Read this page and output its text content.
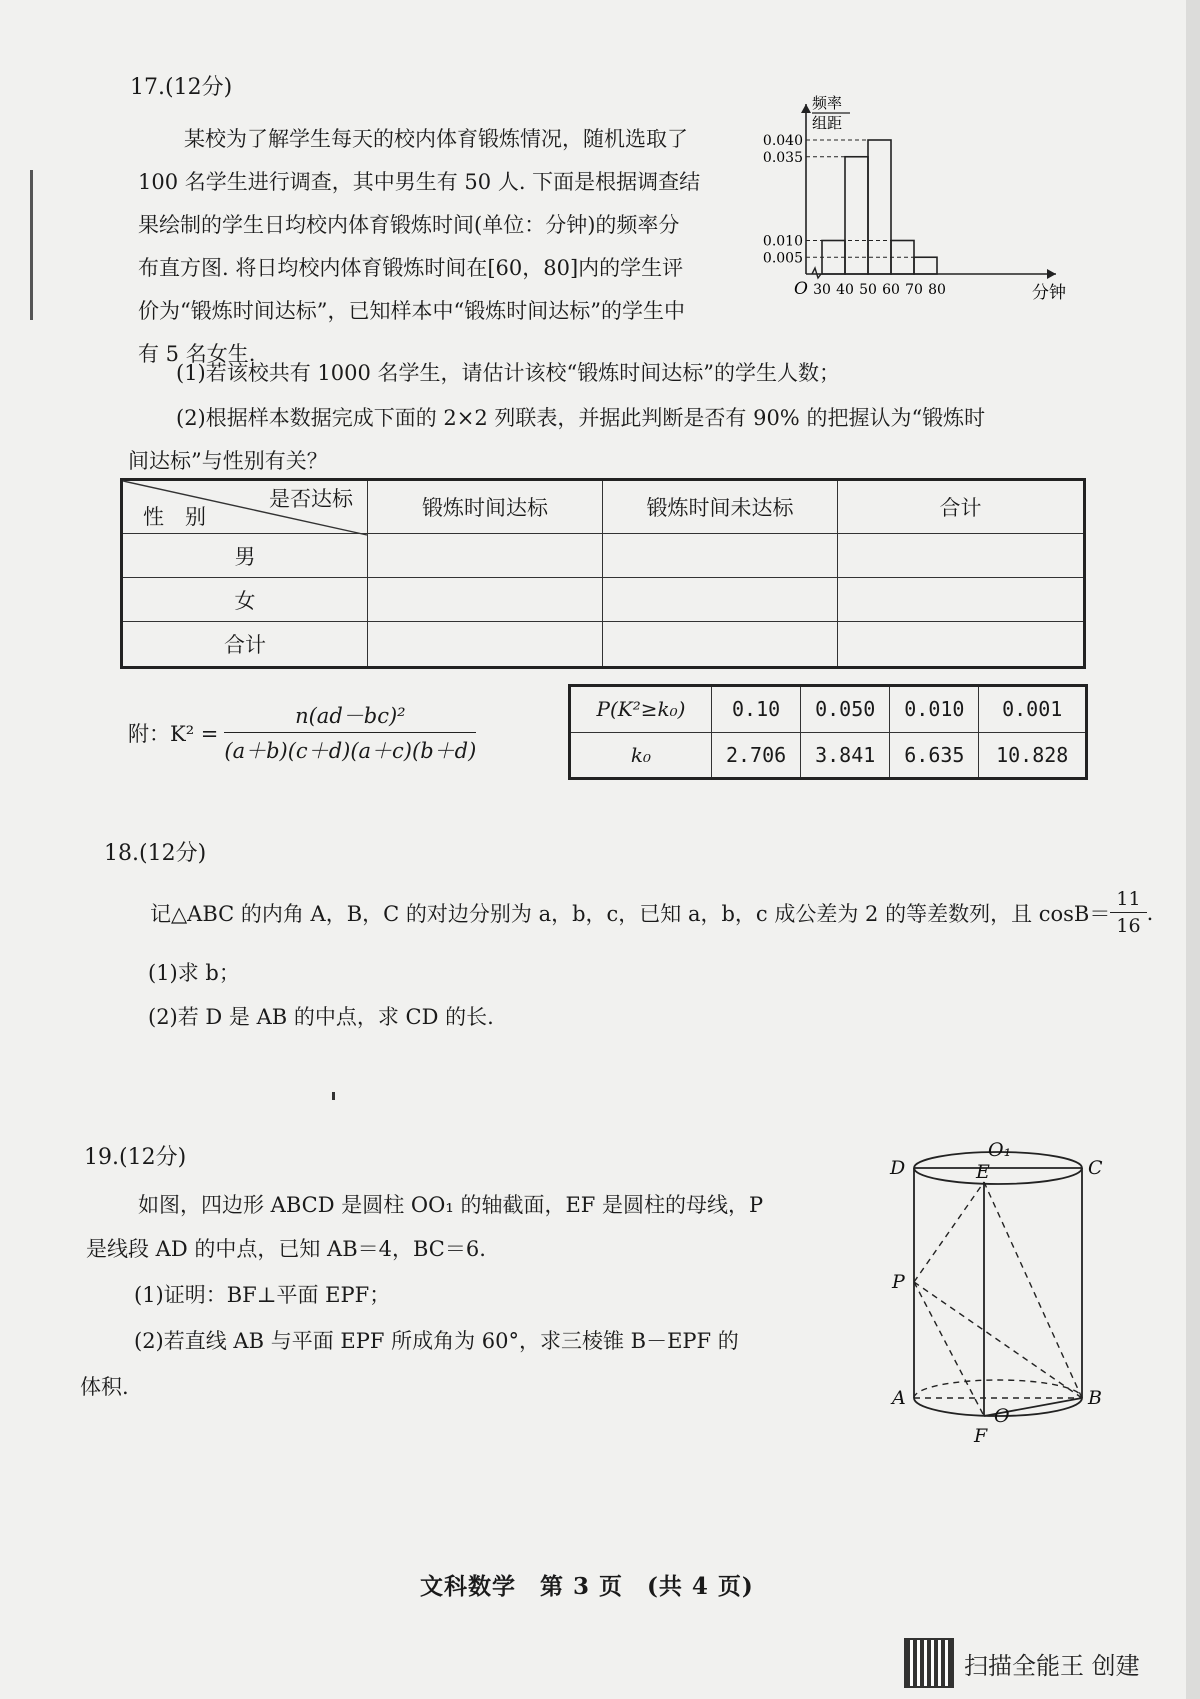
17.(12分)
某校为了解学生每天的校内体育锻炼情况，随机选取了
100 名学生进行调查，其中男生有 50 人. 下面是根据调查结
果绘制的学生日均校内体育锻炼时间(单位：分钟)的频率分
布直方图. 将日均校内体育锻炼时间在[60，80]内的学生评
价为“锻炼时间达标”，已知样本中“锻炼时间达标”的学生中
有 5 名女生.
频率
组距
分钟
O
0.040
0.035
0.010
0.005
30 40 50 60 70 80
(1)若该校共有 1000 名学生，请估计该校“锻炼时间达标”的学生人数；
(2)根据样本数据完成下面的 2×2 列联表，并据此判断是否有 90% 的把握认为“锻炼时
间达标”与性别有关？
是否达标
性　别	锻炼时间达标	锻炼时间未达标	合计
男			
女			
合计			
附：$K^2 = \frac{\text{n(ad－bc)²}}{(a+b)(c+d)(a+c)(b+d)}$	P(K²≥k₀)	0.10	0.050	0.010	0.001
k₀	2.706	3.841	6.635	10.828
18.(12分)
记△ABC 的内角 A，B，C 的对边分别为 a，b，c，已知 a，b，c 成公差为 2 的等差数列，且 $\cos B= \frac{11}{16}$ .
(1)求 b；
(2)若 D 是 AB 的中点，求 CD 的长.
19.(12分)
如图，四边形 ABCD 是圆柱 OO₁ 的轴截面，EF 是圆柱的母线，P
是线段 AD 的中点，已知 AB＝4，BC＝6.
(1)证明：BF⊥平面 EPF；
(2)若直线 AB 与平面 EPF 所成角为 60°，求三棱锥 B－EPF 的
体积.
D	C
O₁
E
P
A	B
O
F
文科数学　第 3 页　(共 4 页)
扫描全能王 创建
